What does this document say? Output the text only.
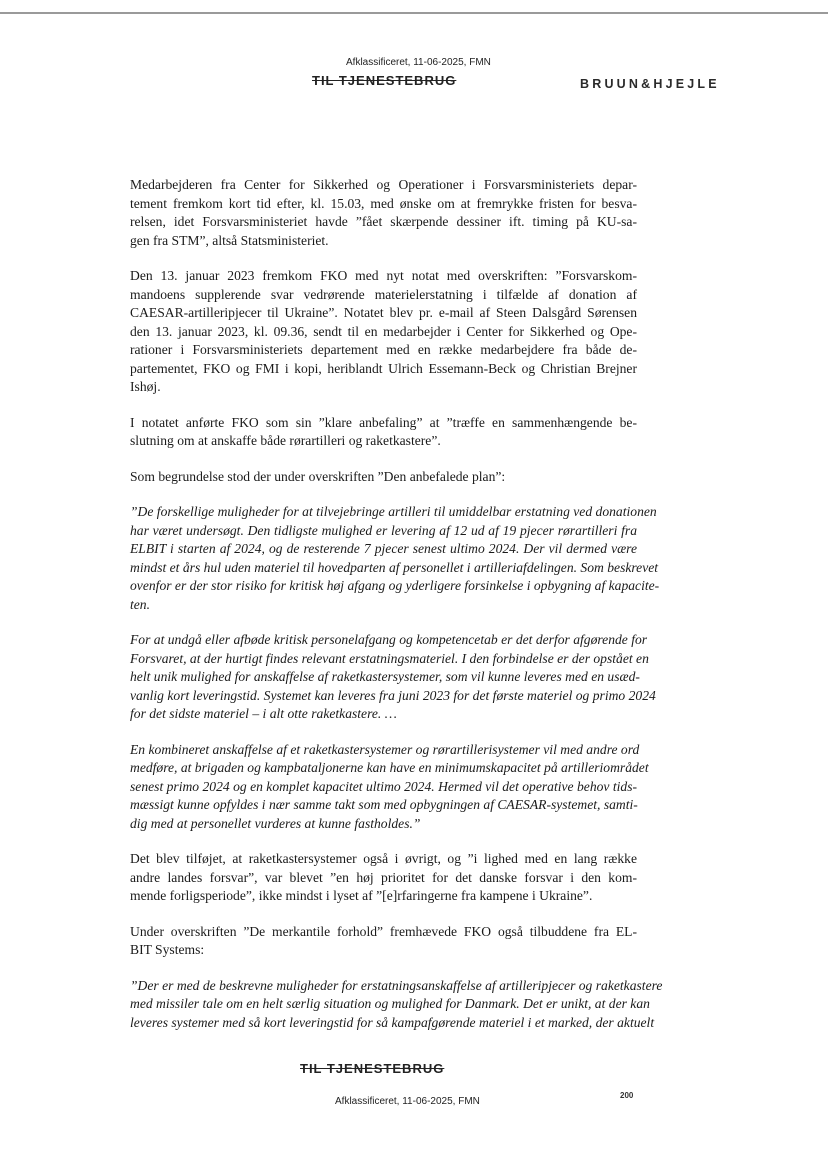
Afklassificeret, 11-06-2025, FMN
TIL TJENESTEBRUG	BRUUN&HJEJLE
Medarbejderen fra Center for Sikkerhed og Operationer i Forsvarsministeriets depar-
tement fremkom kort tid efter, kl. 15.03, med ønske om at fremrykke fristen for besva-
relsen, idet Forsvarsministeriet havde ”fået skærpende dessiner ift. timing på KU-sa-
gen fra STM”, altså Statsministeriet.
Den 13. januar 2023 fremkom FKO med nyt notat med overskriften: ”Forsvarskom-
mandoens supplerende svar vedrørende materielerstatning i tilfælde af donation af
CAESAR-artilleripjecer til Ukraine”. Notatet blev pr. e-mail af Steen Dalsgård Sørensen
den 13. januar 2023, kl. 09.36, sendt til en medarbejder i Center for Sikkerhed og Ope-
rationer i Forsvarsministeriets departement med en række medarbejdere fra både de-
partementet, FKO og FMI i kopi, heriblandt Ulrich Essemann-Beck og Christian Brejner
Ishøj.
I notatet anførte FKO som sin ”klare anbefaling” at ”træffe en sammenhængende be-
slutning om at anskaffe både rørartilleri og raketkastere”.
Som begrundelse stod der under overskriften ”Den anbefalede plan”:
”De forskellige muligheder for at tilvejebringe artilleri til umiddelbar erstatning ved donationen
har været undersøgt. Den tidligste mulighed er levering af 12 ud af 19 pjecer rørartilleri fra
ELBIT i starten af 2024, og de resterende 7 pjecer senest ultimo 2024. Der vil dermed være
mindst et års hul uden materiel til hovedparten af personellet i artilleriafdelingen. Som beskrevet
ovenfor er der stor risiko for kritisk høj afgang og yderligere forsinkelse i opbygning af kapacite-
ten.
For at undgå eller afbøde kritisk personelafgang og kompetencetab er det derfor afgørende for
Forsvaret, at der hurtigt findes relevant erstatningsmateriel. I den forbindelse er der opstået en
helt unik mulighed for anskaffelse af raketkastersystemer, som vil kunne leveres med en usæd-
vanlig kort leveringstid. Systemet kan leveres fra juni 2023 for det første materiel og primo 2024
for det sidste materiel – i alt otte raketkastere. …
En kombineret anskaffelse af et raketkastersystemer og rørartillerisystemer vil med andre ord
medføre, at brigaden og kampbataljonerne kan have en minimumskapacitet på artilleriområdet
senest primo 2024 og en komplet kapacitet ultimo 2024. Hermed vil det operative behov tids-
mæssigt kunne opfyldes i nær samme takt som med opbygningen af CAESAR-systemet, samti-
dig med at personellet vurderes at kunne fastholdes.”
Det blev tilføjet, at raketkastersystemer også i øvrigt, og ”i lighed med en lang række
andre landes forsvar”, var blevet ”en høj prioritet for det danske forsvar i den kom-
mende forligsperiode”, ikke mindst i lyset af ”[e]rfaringerne fra kampene i Ukraine”.
Under overskriften ”De merkantile forhold” fremhævede FKO også tilbuddene fra EL-
BIT Systems:
”Der er med de beskrevne muligheder for erstatningsanskaffelse af artilleripjecer og raketkastere
med missiler tale om en helt særlig situation og mulighed for Danmark. Det er unikt, at der kan
leveres systemer med så kort leveringstid for så kampafgørende materiel i et marked, der aktuelt
TIL TJENESTEBRUG
Afklassificeret, 11-06-2025, FMN
200
